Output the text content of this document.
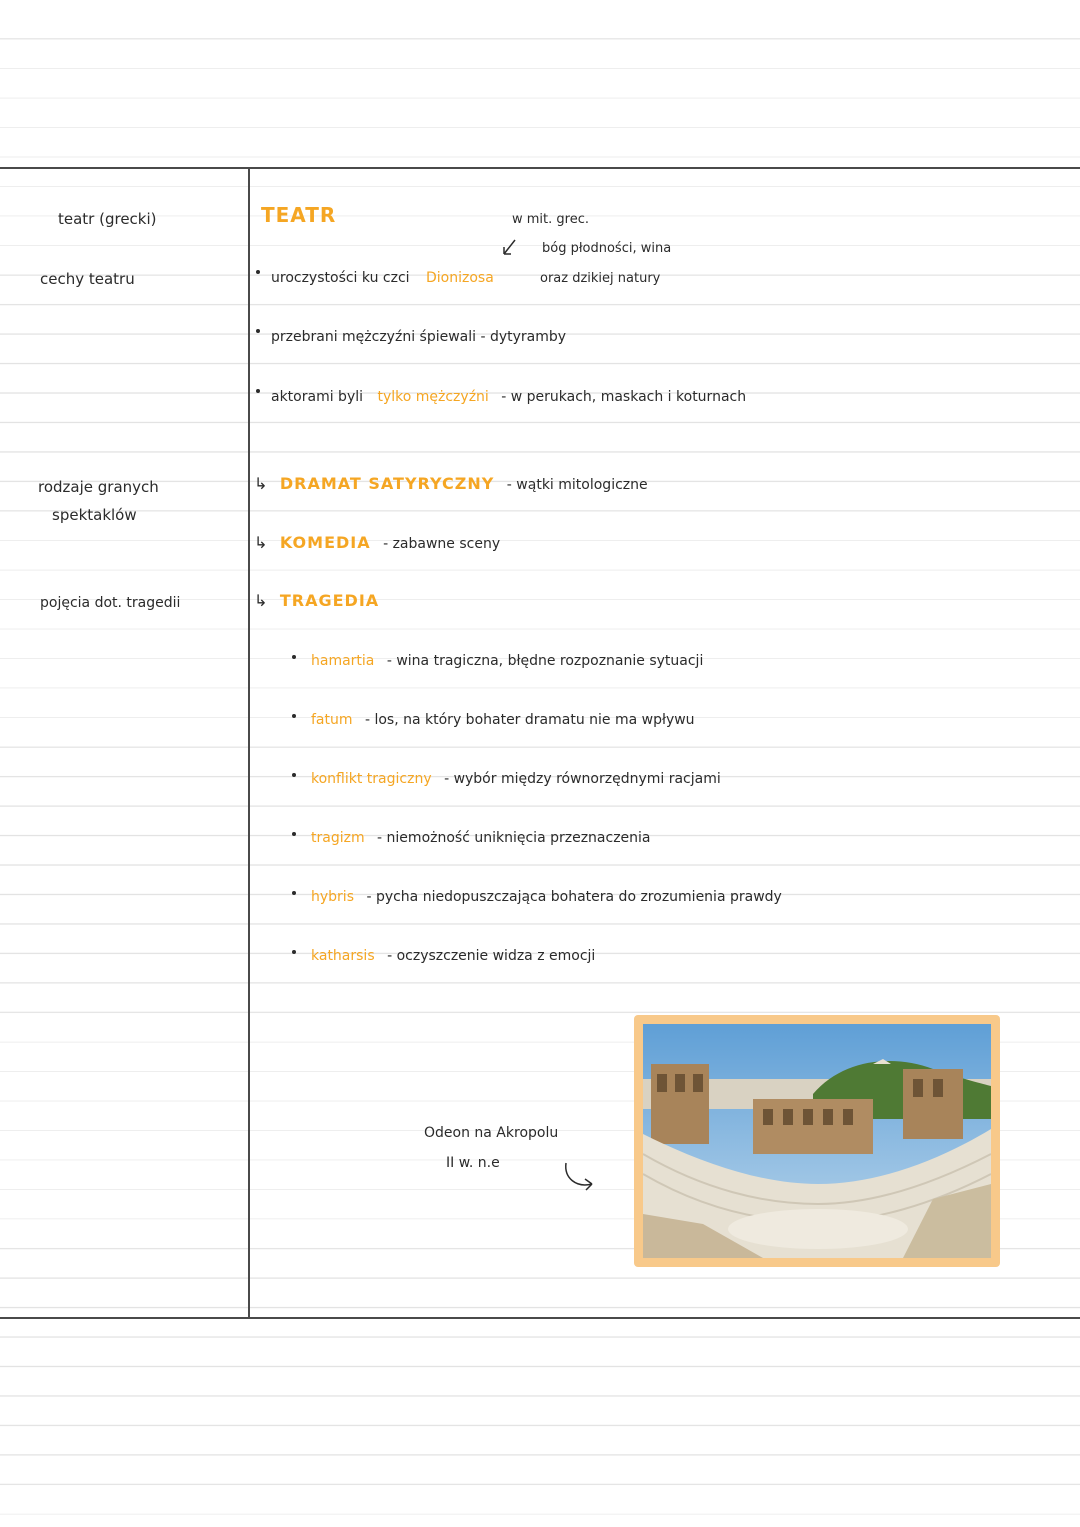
teatr (grecki)
cechy teatru
rodzaje granych
spektaklów
pojęcia dot. tragedii
TEATR	w mit. grec.
bóg płodności, wina
oraz dzikiej natury
uroczystości ku czci Dionizosa
przebrani mężczyźni śpiewali - dytyramby
aktorami byli tylko mężczyźni - w perukach, maskach i koturnach
↳ DRAMAT SATYRYCZNY - wątki mitologiczne
↳ KOMEDIA - zabawne sceny
↳ TRAGEDIA
hamartia - wina tragiczna, błędne rozpoznanie sytuacji
fatum - los, na który bohater dramatu nie ma wpływu
konflikt tragiczny - wybór między równorzędnymi racjami
tragizm - niemożność uniknięcia przeznaczenia
hybris - pycha niedopuszczająca bohatera do zrozumienia prawdy
katharsis - oczyszczenie widza z emocji
Odeon na Akropolu
II w. n.e
